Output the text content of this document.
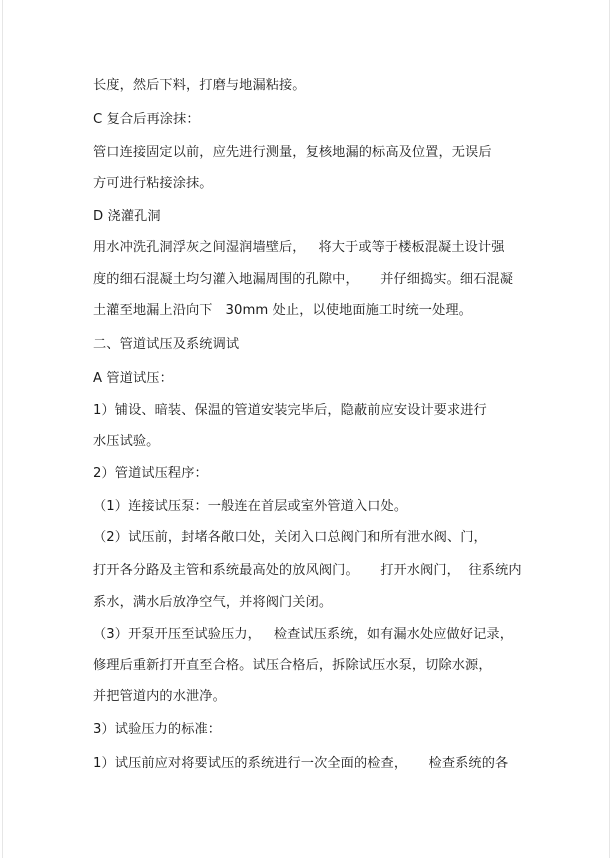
长度，然后下料，打磨与地漏粘接。
C 复合后再涂抹：
管口连接固定以前，应先进行测量，复核地漏的标高及位置，无误后
方可进行粘接涂抹。
D 浇灌孔洞
用水冲洗孔洞浮灰之间湿润墙壁后，   将大于或等于楼板混凝土设计强
度的细石混凝土均匀灌入地漏周围的孔隙中，     并仔细捣实。细石混凝
土灌至地漏上沿向下   30mm 处止，以使地面施工时统一处理。
二、管道试压及系统调试
A 管道试压：
1）铺设、暗装、保温的管道安装完毕后，隐蔽前应安设计要求进行
水压试验。
2）管道试压程序：
（1）连接试压泵：一般连在首层或室外管道入口处。
（2）试压前，封堵各敞口处，关闭入口总阀门和所有泄水阀、门，
打开各分路及主管和系统最高处的放风阀门。     打开水阀门，  往系统内
系水，满水后放净空气，并将阀门关闭。
（3）开泵开压至试验压力，   检查试压系统，如有漏水处应做好记录，
修理后重新打开直至合格。试压合格后，拆除试压水泵，切除水源，
并把管道内的水泄净。
3）试验压力的标准：
1）试压前应对将要试压的系统进行一次全面的检查，     检查系统的各
